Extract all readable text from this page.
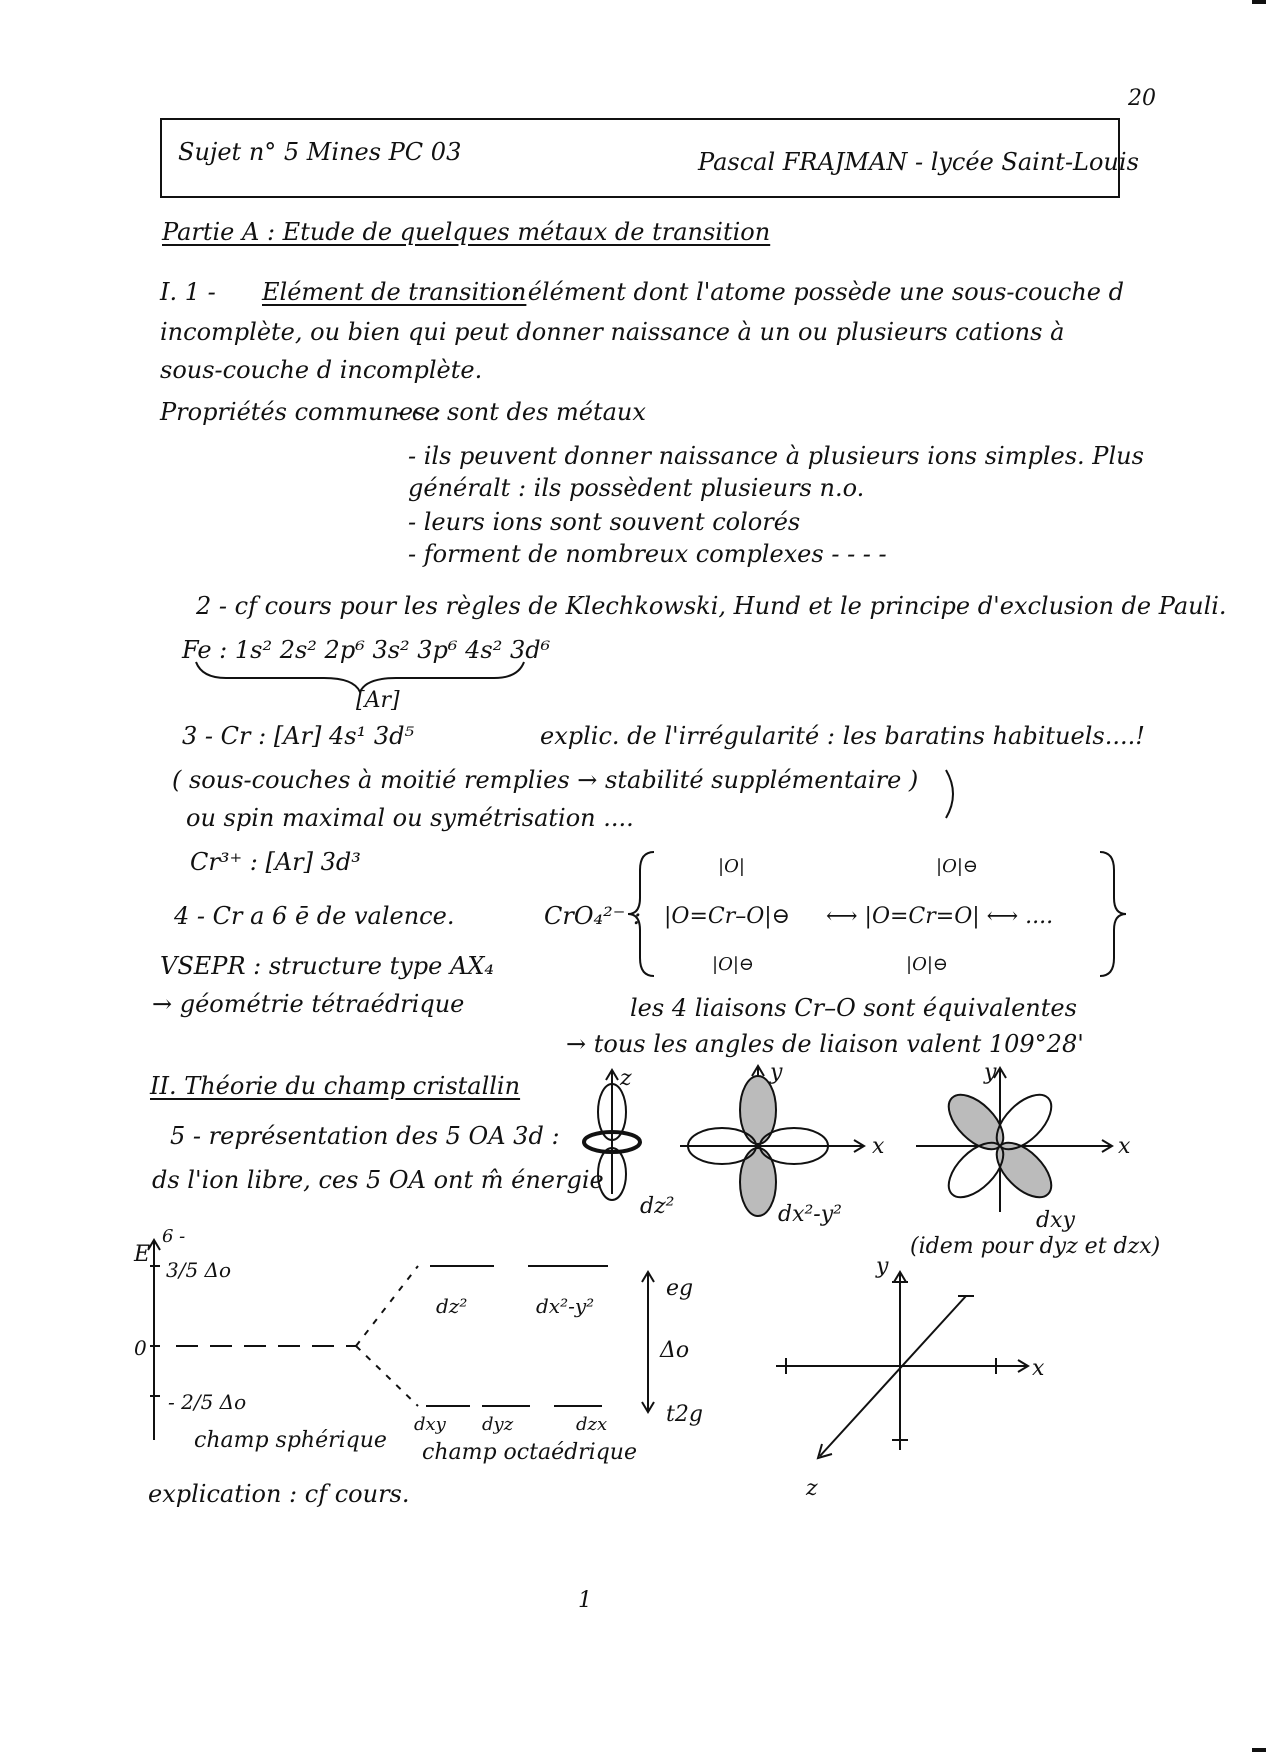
20
Sujet n° 5 Mines PC 03	Pascal FRAJMAN - lycée Saint-Louis
Partie A : Etude de quelques métaux de transition
I. 1 - Elément de transition
: élément dont l'atome possède une sous-couche d
incomplète, ou bien qui peut donner naissance à un ou plusieurs cations à
sous-couche d incomplète.
Propriétés communes :
- ce sont des métaux
- ils peuvent donner naissance à plusieurs ions simples. Plus
généralt : ils possèdent plusieurs n.o.
- leurs ions sont souvent colorés
- forment de nombreux complexes - - - -
2 - cf cours pour les règles de Klechkowski, Hund et le principe d'exclusion de Pauli.
Fe : 1s² 2s² 2p⁶ 3s² 3p⁶ 4s² 3d⁶
[Ar]
3 - Cr : [Ar] 4s¹ 3d⁵	explic. de l'irrégularité : les baratins habituels....!
( sous-couches à moitié remplies → stabilité supplémentaire )
ou spin maximal ou symétrisation ....
Cr³⁺ : [Ar] 3d³
4 - Cr a 6 ē de valence.	CrO₄²⁻ :
|O|
|O=Cr–O|⊖
|O|⊖
|O|⊖
⟷ |O=Cr=O| ⟷ ....
|O|⊖
VSEPR : structure type AX₄
→ géométrie tétraédrique	les 4 liaisons Cr–O sont équivalentes
→ tous les angles de liaison valent 109°28'
II. Théorie du champ cristallin
5 - représentation des 5 OA 3d :
ds l'ion libre, ces 5 OA ont m̂ énergie
z
dz²
y
x
dx²-y²
y
x
dxy
(idem pour dyz et dzx)
y
x
z
E
6 -
3/5 Δo
0
- 2/5 Δo
champ sphérique champ octaédrique
dz²	dx²-y²
dxy dyz	dzx
eg
Δo
t2g
explication : cf cours.
1
